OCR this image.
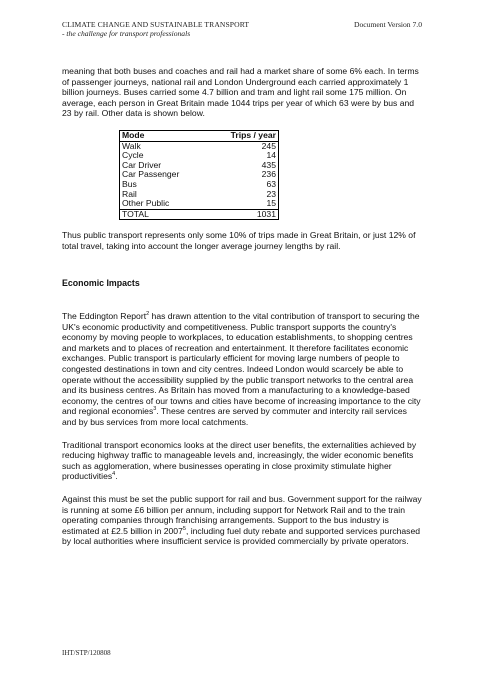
CLIMATE CHANGE AND SUSTAINABLE TRANSPORT
- the challenge for transport professionals
Document Version 7.0

meaning that both buses and coaches and rail had a market share of some 6% each. In terms of passenger journeys, national rail and London Underground each carried approximately 1 billion journeys. Buses carried some 4.7 billion and tram and light rail some 175 million. On average, each person in Great Britain made 1044 trips per year of which 63 were by bus and 23 by rail. Other data is shown below.

Mode	Trips / year
Walk	245
Cycle	14
Car Driver	435
Car Passenger	236
Bus	63
Rail	23
Other Public	15
TOTAL	1031

Thus public transport represents only some 10% of trips made in Great Britain, or just 12% of total travel, taking into account the longer average journey lengths by rail.

Economic Impacts

The Eddington Report$^2$ has drawn attention to the vital contribution of transport to securing the UK's economic productivity and competitiveness. Public transport supports the country's economy by moving people to workplaces, to education establishments, to shopping centres and markets and to places of recreation and entertainment. It therefore facilitates economic exchanges. Public transport is particularly efficient for moving large numbers of people to congested destinations in town and city centres. Indeed London would scarcely be able to operate without the accessibility supplied by the public transport networks to the central area and its business centres. As Britain has moved from a manufacturing to a knowledge-based economy, the centres of our towns and cities have become of increasing importance to the city and regional economies$^3$. These centres are served by commuter and intercity rail services and by bus services from more local catchments.

Traditional transport economics looks at the direct user benefits, the externalities achieved by reducing highway traffic to manageable levels and, increasingly, the wider economic benefits such as agglomeration, where businesses operating in close proximity stimulate higher productivities$^4$.

Against this must be set the public support for rail and bus. Government support for the railway is running at some £6 billion per annum, including support for Network Rail and to the train operating companies through franchising arrangements. Support to the bus industry is estimated at £2.5 billion in 2007$^5$, including fuel duty rebate and supported services purchased by local authorities where insufficient service is provided commercially by private operators.

IHT/STP/120808
